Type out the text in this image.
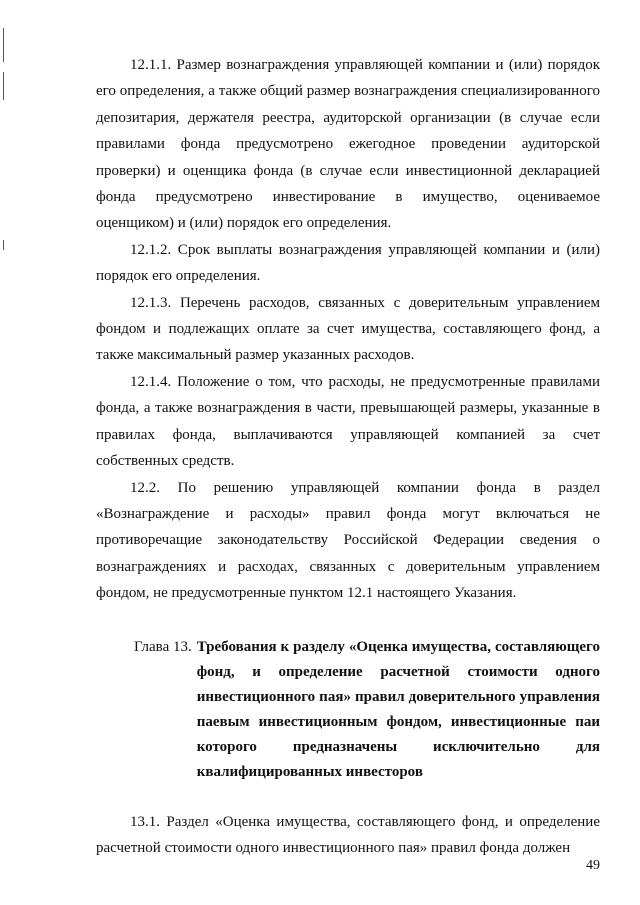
12.1.1. Размер вознаграждения управляющей компании и (или) порядок его определения, а также общий размер вознаграждения специализированного депозитария, держателя реестра, аудиторской организации (в случае если правилами фонда предусмотрено ежегодное проведении аудиторской проверки) и оценщика фонда (в случае если инвестиционной декларацией фонда предусмотрено инвестирование в имущество, оцениваемое оценщиком) и (или) порядок его определения.

12.1.2. Срок выплаты вознаграждения управляющей компании и (или) порядок его определения.

12.1.3. Перечень расходов, связанных с доверительным управлением фондом и подлежащих оплате за счет имущества, составляющего фонд, а также максимальный размер указанных расходов.

12.1.4. Положение о том, что расходы, не предусмотренные правилами фонда, а также вознаграждения в части, превышающей размеры, указанные в правилах фонда, выплачиваются управляющей компанией за счет собственных средств.

12.2. По решению управляющей компании фонда в раздел «Вознаграждение и расходы» правил фонда могут включаться не противоречащие законодательству Российской Федерации сведения о вознаграждениях и расходах, связанных с доверительным управлением фондом, не предусмотренные пунктом 12.1 настоящего Указания.

Глава 13. Требования к разделу «Оценка имущества, составляющего фонд, и определение расчетной стоимости одного инвестиционного пая» правил доверительного управления паевым инвестиционным фондом, инвестиционные паи которого предназначены исключительно для квалифицированных инвесторов

13.1. Раздел «Оценка имущества, составляющего фонд, и определение расчетной стоимости одного инвестиционного пая» правил фонда должен

49
